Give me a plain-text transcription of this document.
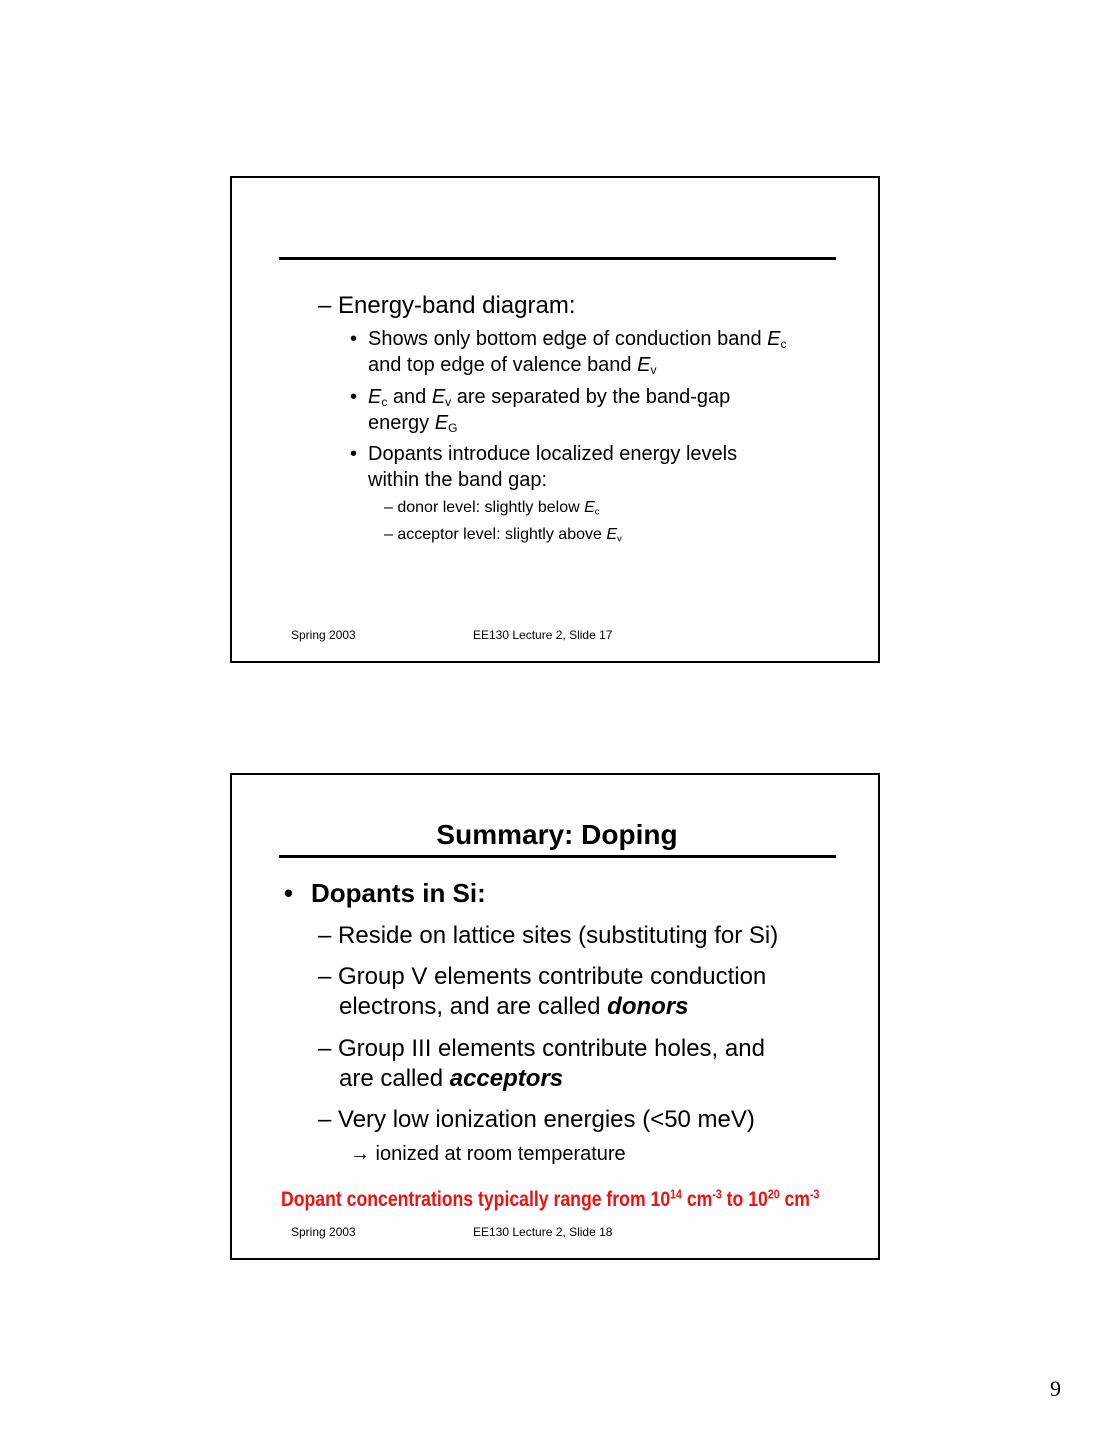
– Energy-band diagram:
• Shows only bottom edge of conduction band $E_c$
and top edge of valence band $E_v$
• $E_c$ and $E_v$ are separated by the band-gap
energy $E_G$
• Dopants introduce localized energy levels
within the band gap:
– donor level: slightly below $E_c$
– acceptor level: slightly above $E_v$
Spring 2003	EE130 Lecture 2, Slide 17
Summary: Doping
• Dopants in Si:
– Reside on lattice sites (substituting for Si)
– Group V elements contribute conduction
electrons, and are called donors
– Group III elements contribute holes, and
are called acceptors
– Very low ionization energies (<50 meV)
→ ionized at room temperature
Dopant concentrations typically range from $10^{14}$ $cm^{-3}$ to $10^{20}$ $cm^{-3}$
Spring 2003	EE130 Lecture 2, Slide 18
9
